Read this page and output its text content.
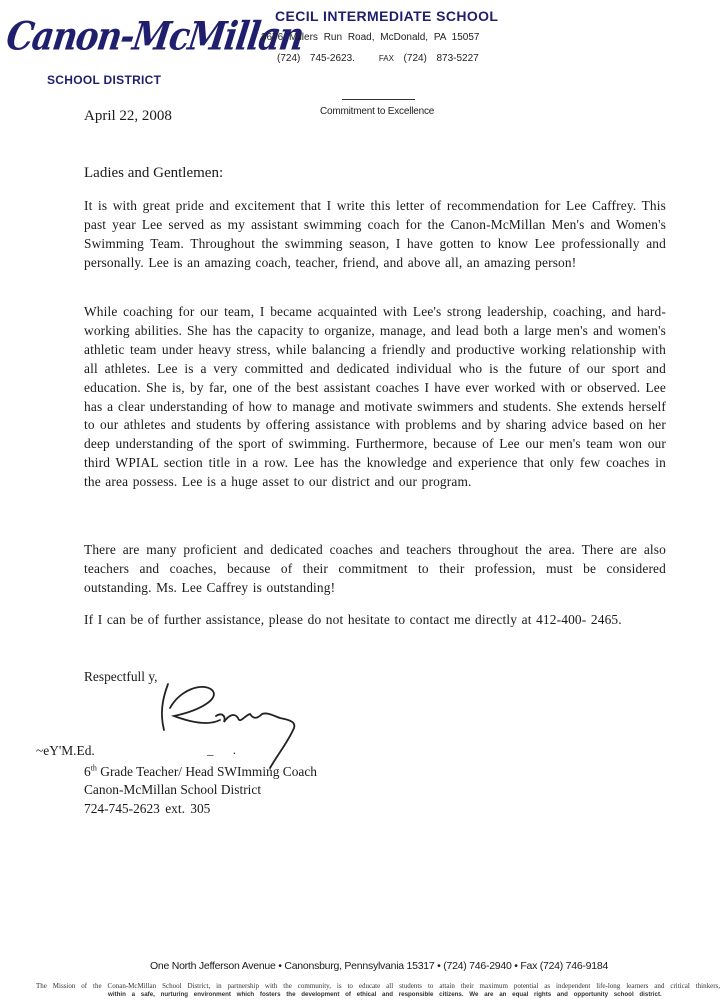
Canon-McMillan
SCHOOL DISTRICT
CECIL INTERMEDIATE SCHOOL
3676 Millers Run Road, McDonald, PA 15057
(724)  745-2623.	FAX (724)  873-5227
Commitment to Excellence
April 22, 2008
Ladies and Gentlemen:
It is with great pride and excitement that I write this letter of recommendation for Lee Caffrey. This past year Lee served as my assistant swimming coach for the Canon-McMillan Men's and Women's Swimming Team. Throughout the swimming season, I have gotten to know Lee professionally and personally. Lee is an amazing coach, teacher, friend, and above all, an amazing person!
While coaching for our team, I became acquainted with Lee's strong leadership, coaching, and hard-working abilities. She has the capacity to organize, manage, and lead both a large men's and women's athletic team under heavy stress, while balancing a friendly and productive working relationship with all athletes. Lee is a very committed and dedicated individual who is the future of our sport and education. She is, by far, one of the best assistant coaches I have ever worked with or observed. Lee has a clear understanding of how to manage and motivate swimmers and students. She extends herself to our athletes and students by offering assistance with problems and by sharing advice based on her deep understanding of the sport of swimming. Furthermore, because of Lee our men's team won our third WPIAL section title in a row. Lee has the knowledge and experience that only few coaches in the area possess. Lee is a huge asset to our district and our program.
There are many proficient and dedicated coaches and teachers throughout the area. There are also teachers and coaches, because of their commitment to their profession, must be considered outstanding. Ms. Lee Caffrey is outstanding!
If I can be of further assistance, please do not hesitate to contact me directly at 412-400- 2465.
Respectfull y,
~eY'M.Ed.	_ .
6th Grade Teacher/ Head SWImming Coach
Canon-McMillan School District
724-745-2623 ext. 305
One North Jefferson Avenue • Canonsburg, Pennsylvania 15317 • (724) 746-2940 • Fax (724) 746-9184
The Mission of the Conan-McMillan School District, in partnership with the community, is to educate all students to attain their maximum potential as independent life-long learners and critical thinkers,
within a safe, nurturing environment which fosters the development of ethical and responsible citizens. We are an equal rights and opportunity school district.
